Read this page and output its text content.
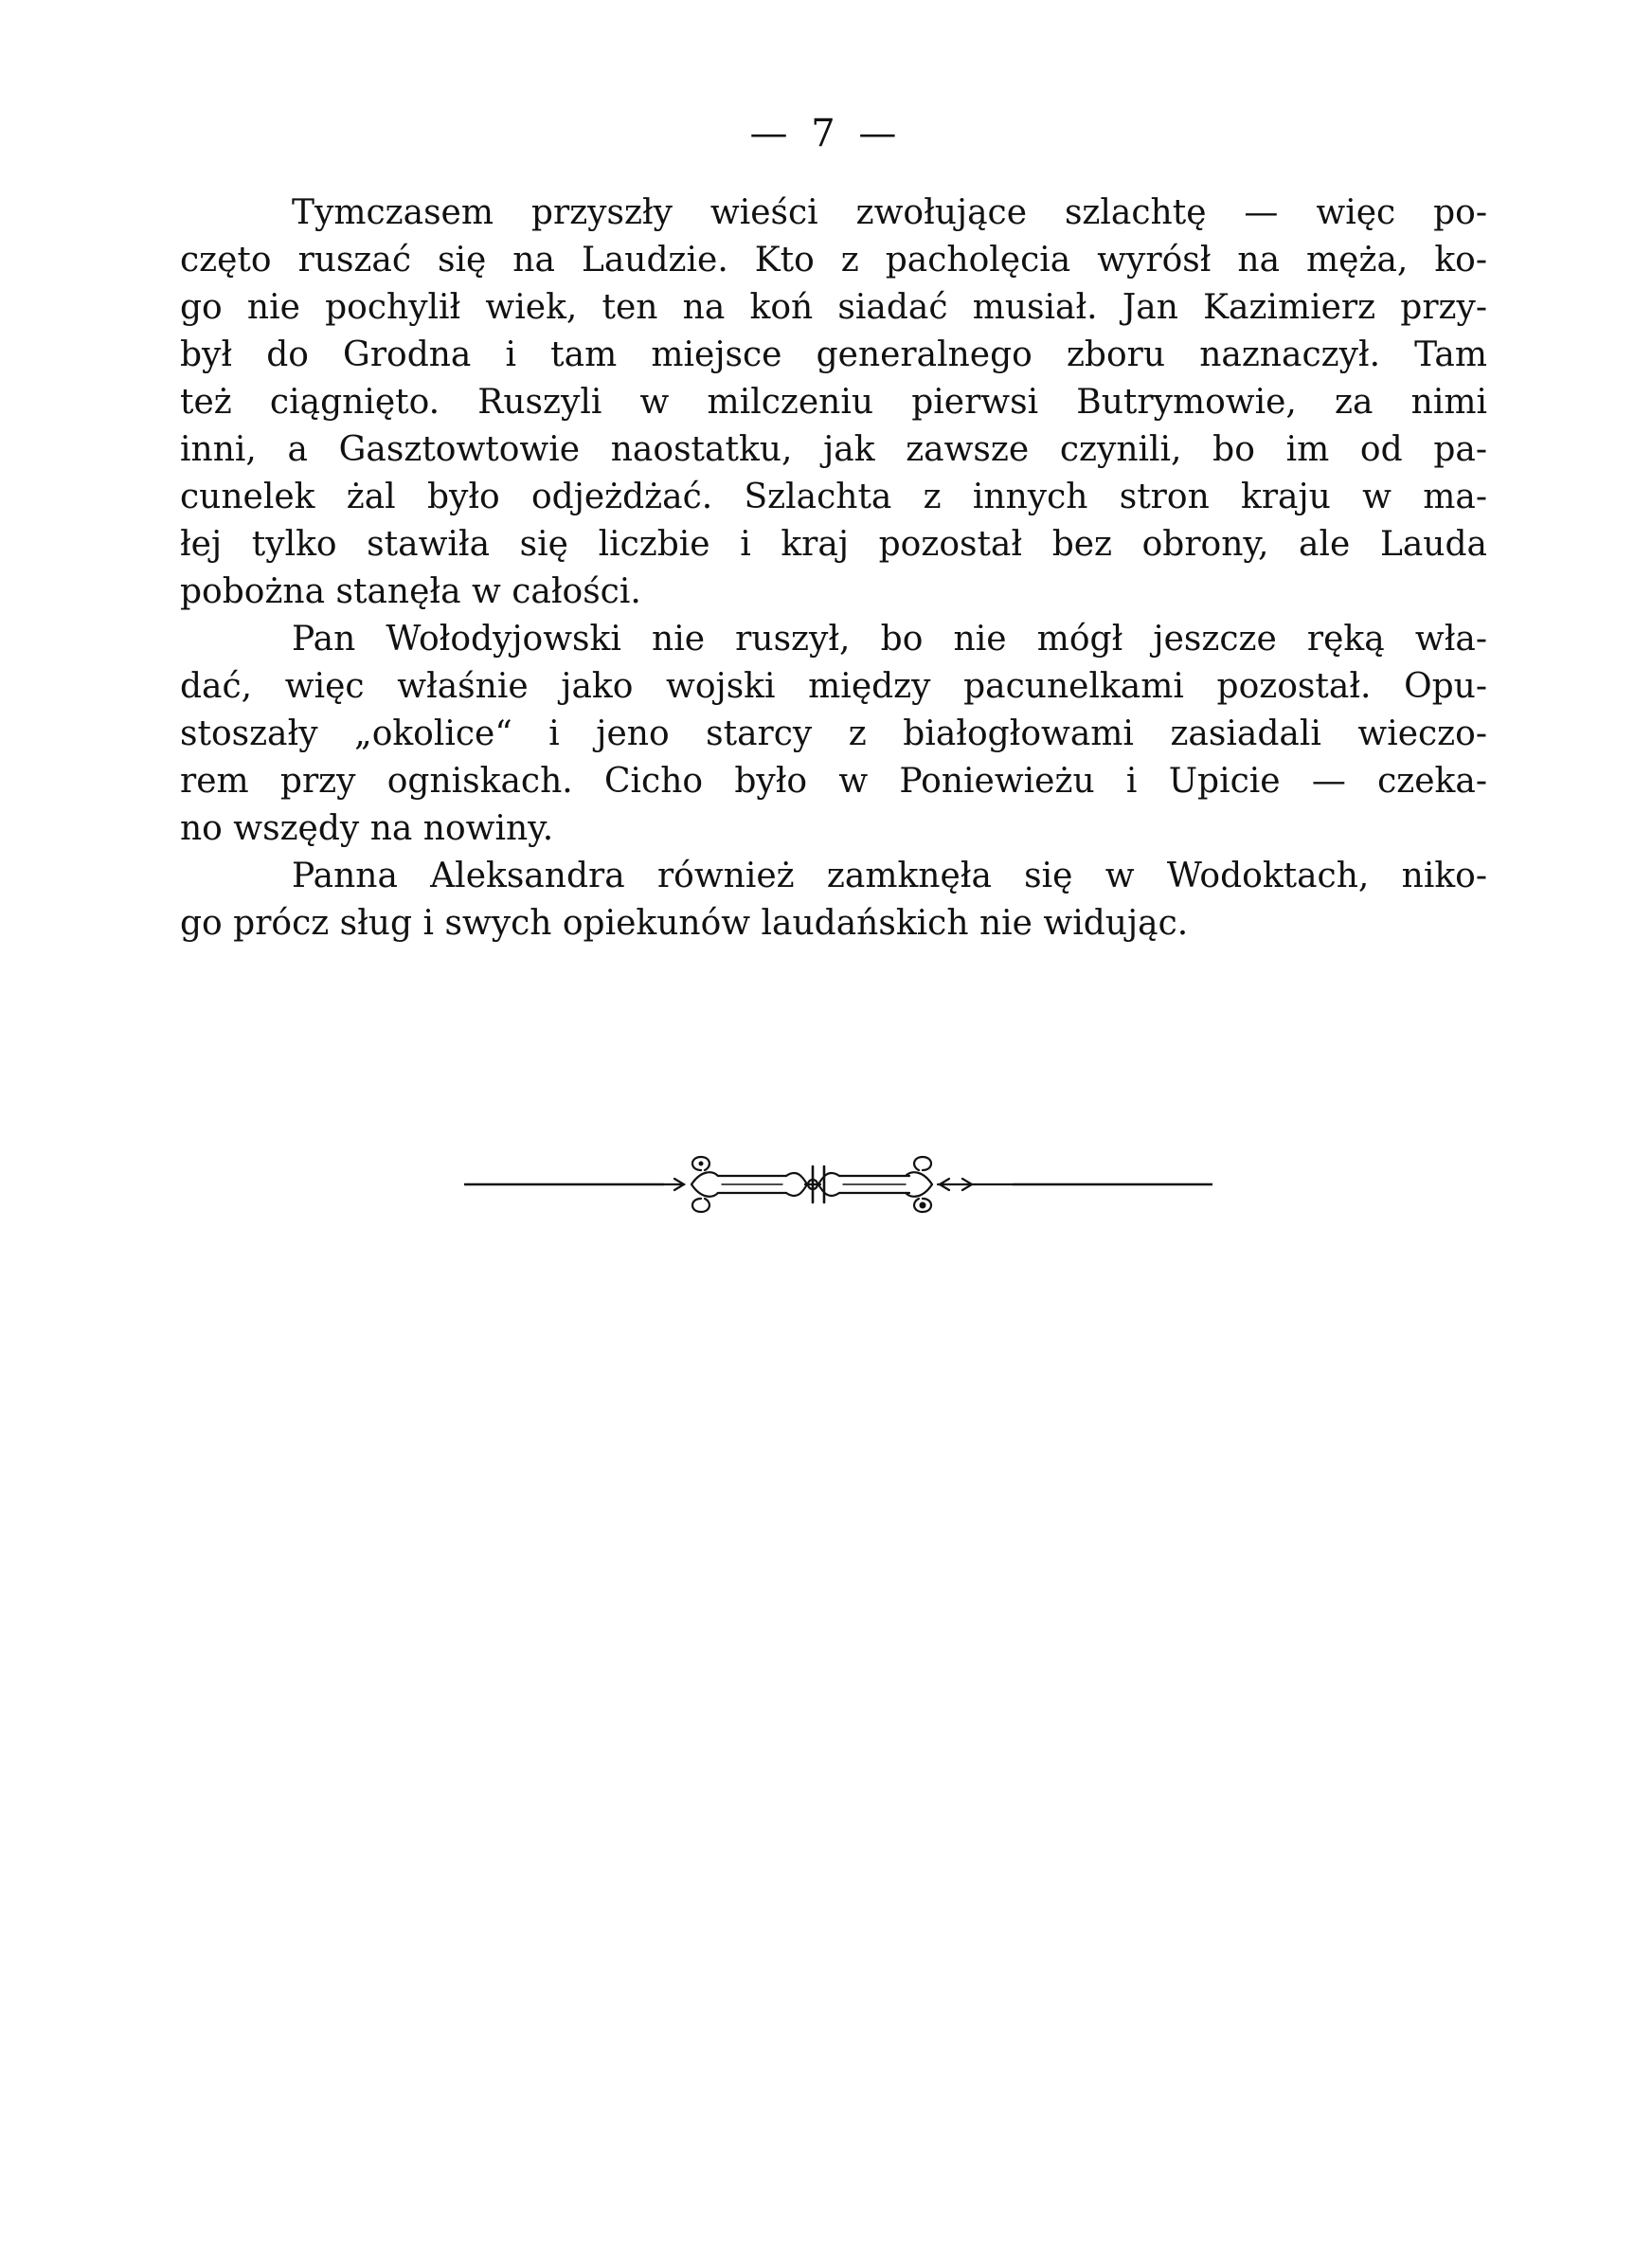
— 7 —
Tymczasem przyszły wieści zwołujące szlachtę — więc po-
częto ruszać się na Laudzie. Kto z pacholęcia wyrósł na męża, ko-
go nie pochylił wiek, ten na koń siadać musiał. Jan Kazimierz przy-
był do Grodna i tam miejsce generalnego zboru naznaczył. Tam
też ciągnięto. Ruszyli w milczeniu pierwsi Butrymowie, za nimi
inni, a Gasztowtowie naostatku, jak zawsze czynili, bo im od pa-
cunelek żal było odjeżdżać. Szlachta z innych stron kraju w ma-
łej tylko stawiła się liczbie i kraj pozostał bez obrony, ale Lauda
pobożna stanęła w całości.
Pan Wołodyjowski nie ruszył, bo nie mógł jeszcze ręką wła-
dać, więc właśnie jako wojski między pacunelkami pozostał. Opu-
stoszały „okolice“ i jeno starcy z białogłowami zasiadali wieczo-
rem przy ogniskach. Cicho było w Poniewieżu i Upicie — czeka-
no wszędy na nowiny.
Panna Aleksandra również zamknęła się w Wodoktach, niko-
go prócz sług i swych opiekunów laudańskich nie widując.
